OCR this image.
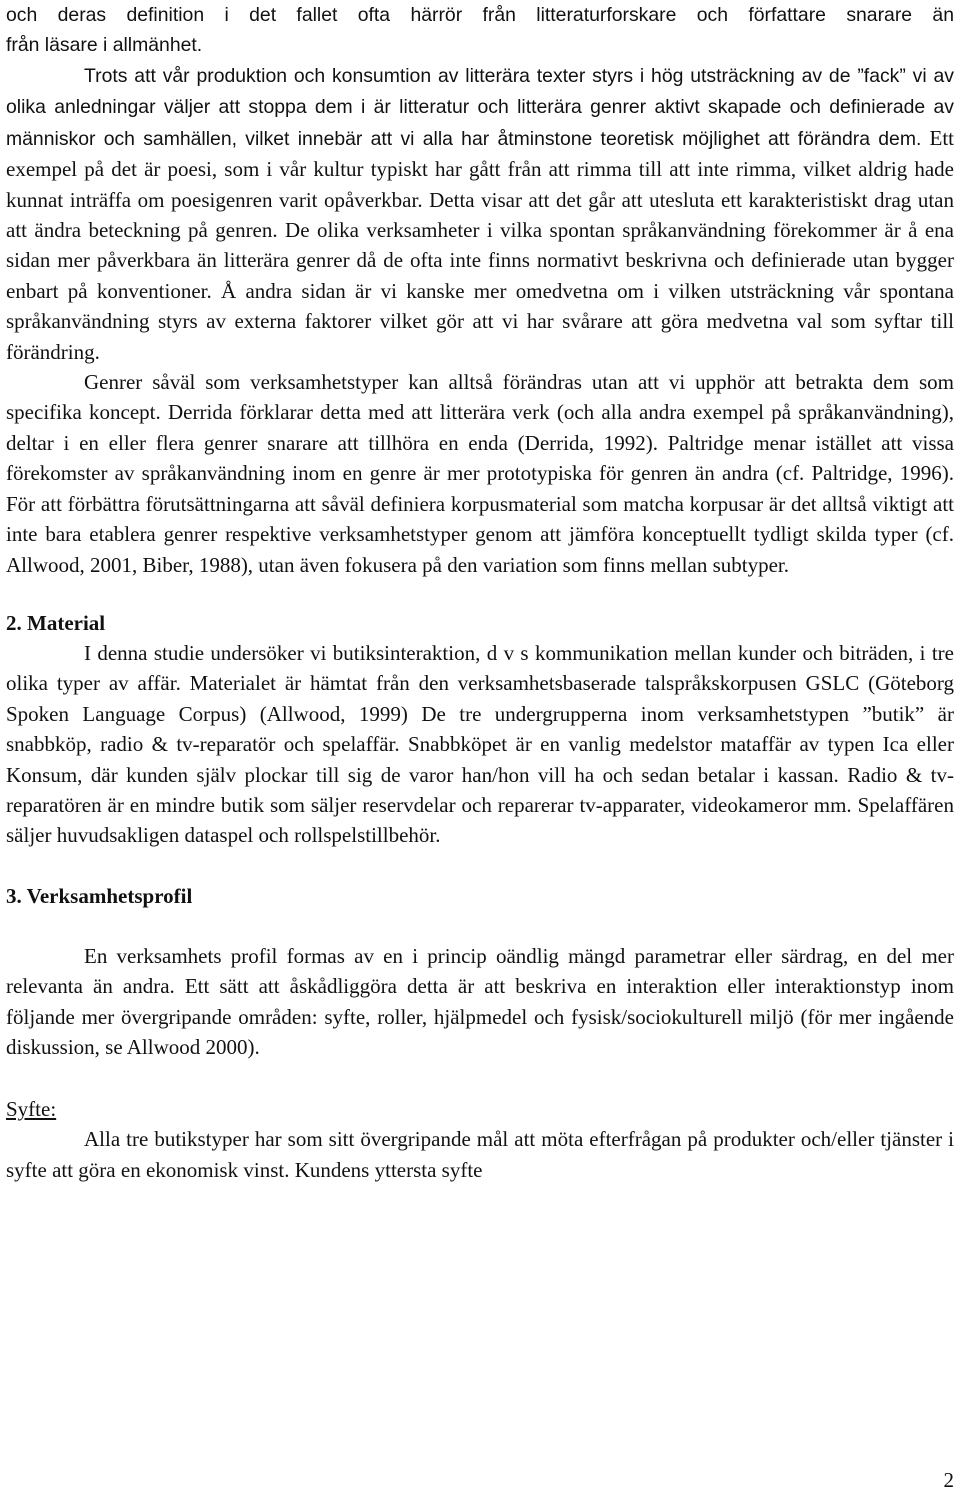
och deras definition i det fallet ofta härrör från litteraturforskare och författare snarare än

från läsare i allmänhet.

Trots att vår produktion och konsumtion av litterära texter styrs i hög utsträckning av de ”fack” vi av olika anledningar väljer att stoppa dem i är litteratur och litterära genrer aktivt skapade och definierade av människor och samhällen, vilket innebär att vi alla har åtminstone teoretisk möjlighet att förändra dem. Ett exempel på det är poesi, som i vår kultur typiskt har gått från att rimma till att inte rimma, vilket aldrig hade kunnat inträffa om poesigenren varit opåverkbar. Detta visar att det går att utesluta ett karakteristiskt drag utan att ändra beteckning på genren. De olika verksamheter i vilka spontan språkanvändning förekommer är å ena sidan mer påverkbara än litterära genrer då de ofta inte finns normativt beskrivna och definierade utan bygger enbart på konventioner. Å andra sidan är vi kanske mer omedvetna om i vilken utsträckning vår spontana språkanvändning styrs av externa faktorer vilket gör att vi har svårare att göra medvetna val som syftar till förändring.

Genrer såväl som verksamhetstyper kan alltså förändras utan att vi upphör att betrakta dem som specifika koncept. Derrida förklarar detta med att litterära verk (och alla andra exempel på språkanvändning), deltar i en eller flera genrer snarare att tillhöra en enda (Derrida, 1992). Paltridge menar istället att vissa förekomster av språkanvändning inom en genre är mer prototypiska för genren än andra (cf. Paltridge, 1996). För att förbättra förutsättningarna att såväl definiera korpusmaterial som matcha korpusar är det alltså viktigt att inte bara etablera genrer respektive verksamhetstyper genom att jämföra konceptuellt tydligt skilda typer (cf. Allwood, 2001, Biber, 1988), utan även fokusera på den variation som finns mellan subtyper.

2. Material

I denna studie undersöker vi butiksinteraktion, d v s kommunikation mellan kunder och biträden, i tre olika typer av affär. Materialet är hämtat från den verksamhetsbaserade talspråkskorpusen GSLC (Göteborg Spoken Language Corpus) (Allwood, 1999) De tre undergrupperna inom verksamhetstypen ”butik” är snabbköp, radio & tv-reparatör och spelaffär. Snabbköpet är en vanlig medelstor mataffär av typen Ica eller Konsum, där kunden själv plockar till sig de varor han/hon vill ha och sedan betalar i kassan. Radio & tv-reparatören är en mindre butik som säljer reservdelar och reparerar tv-apparater, videokameror mm. Spelaffären säljer huvudsakligen dataspel och rollspelstillbehör.

3. Verksamhetsprofil

En verksamhets profil formas av en i princip oändlig mängd parametrar eller särdrag, en del mer relevanta än andra. Ett sätt att åskådliggöra detta är att beskriva en interaktion eller interaktionstyp inom följande mer övergripande områden: syfte, roller, hjälpmedel och fysisk/sociokulturell miljö (för mer ingående diskussion, se Allwood 2000).

Syfte:

Alla tre butikstyper har som sitt övergripande mål att möta efterfrågan på produkter och/eller tjänster i syfte att göra en ekonomisk vinst. Kundens yttersta syfte

2
